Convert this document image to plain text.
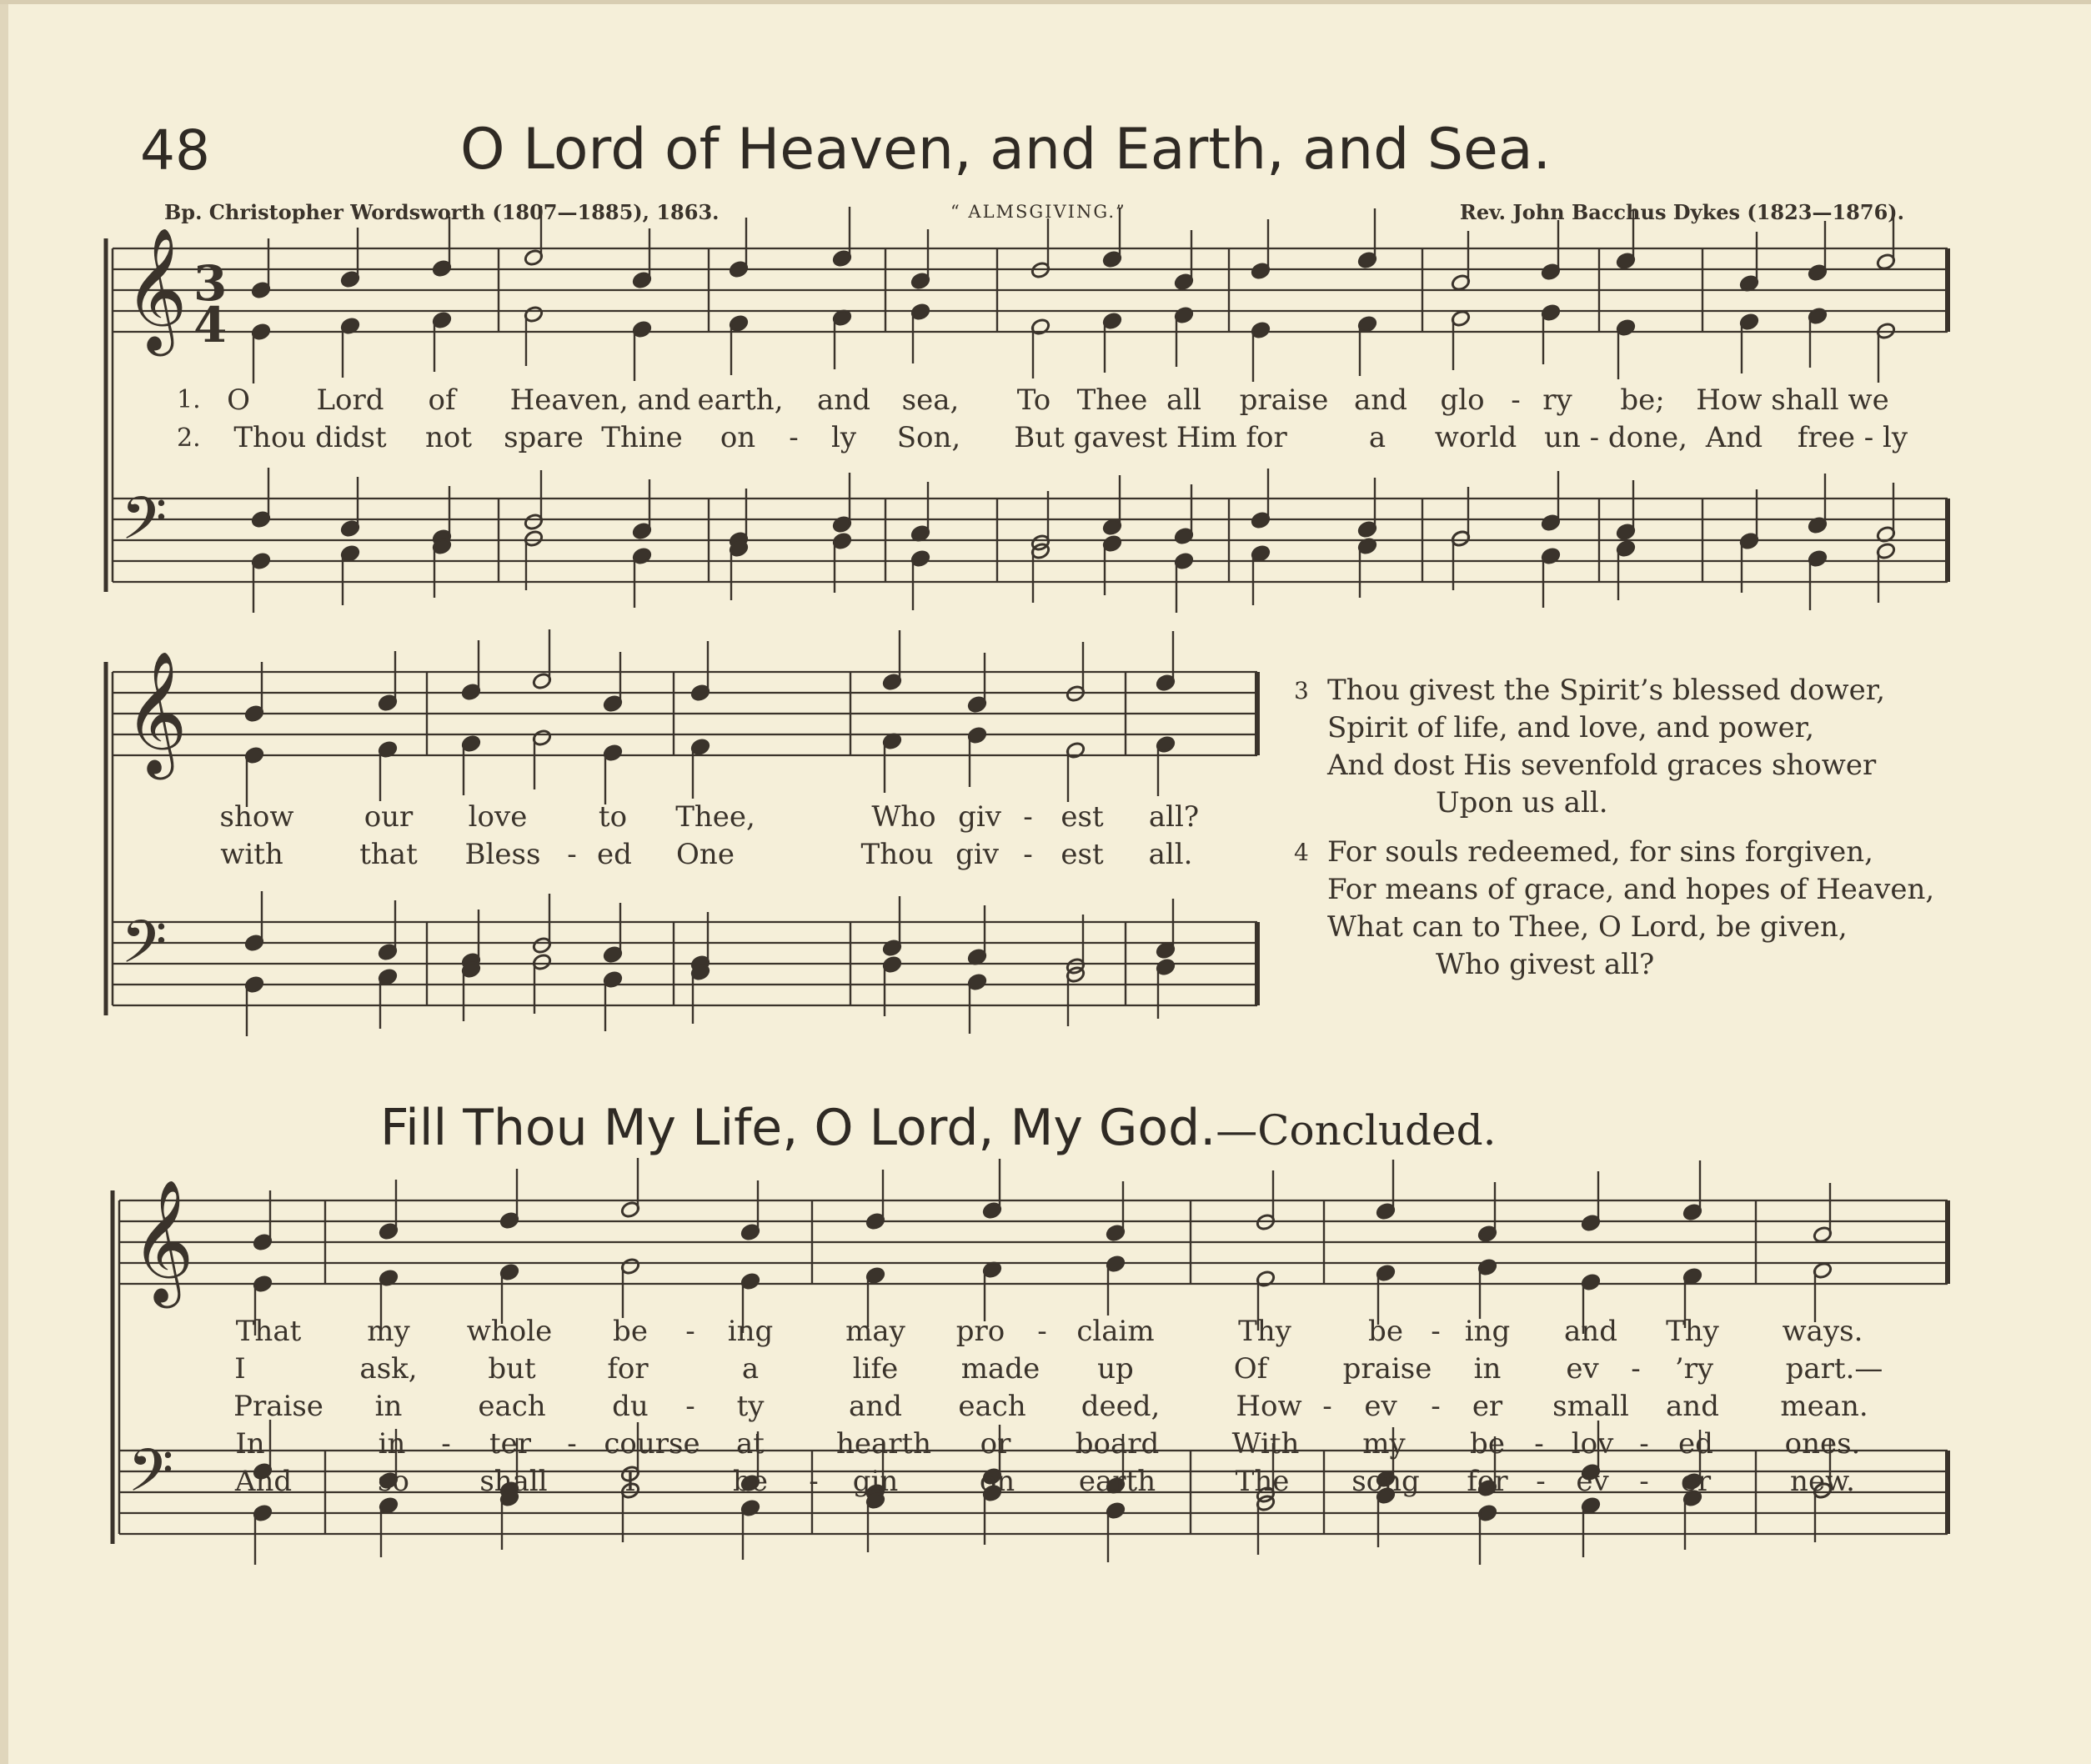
48	O Lord of Heaven, and Earth, and Sea.
Bp. Christopher Wordsworth (1807—1885), 1863.	“ ALMSGIVING.”	Rev. John Bacchus Dykes (1823—1876).
𝄞
𝄢
3
4
𝄞
𝄢
𝄞
𝄢
1.
2.
O Lord of Heaven, and earth, and sea, To Thee all praise and glo - ry be; How shall we
Thou didst not spare Thine on - ly Son, But gavest Him for	a world un - done, And free - ly
show our love	to Thee,	Who giv - est all?
with	that Bless - ed One	Thou giv - est all.
3 Thou givest the Spirit’s blessed dower,
Spirit of life, and love, and power,
And dost His sevenfold graces shower
Upon us all.
4 For souls redeemed, for sins forgiven,
For means of grace, and hopes of Heaven,
What can to Thee, O Lord, be given,
Who givest all?
Fill Thou My Life, O Lord, My God.—Concluded.
That my whole be - ing	may pro - claim	Thy	be - ing and Thy ways.
I	ask, but	for	a	life made up	Of	praise in ev - ’ry	part.—
Praise in	each du - ty	and each deed,	How - ev - er small and mean.
In	in - ter - course at	hearth or board	With my be - lov - ed	ones.
And	so shall	I	be - gin	on earth	The song for - ev - er	new.
